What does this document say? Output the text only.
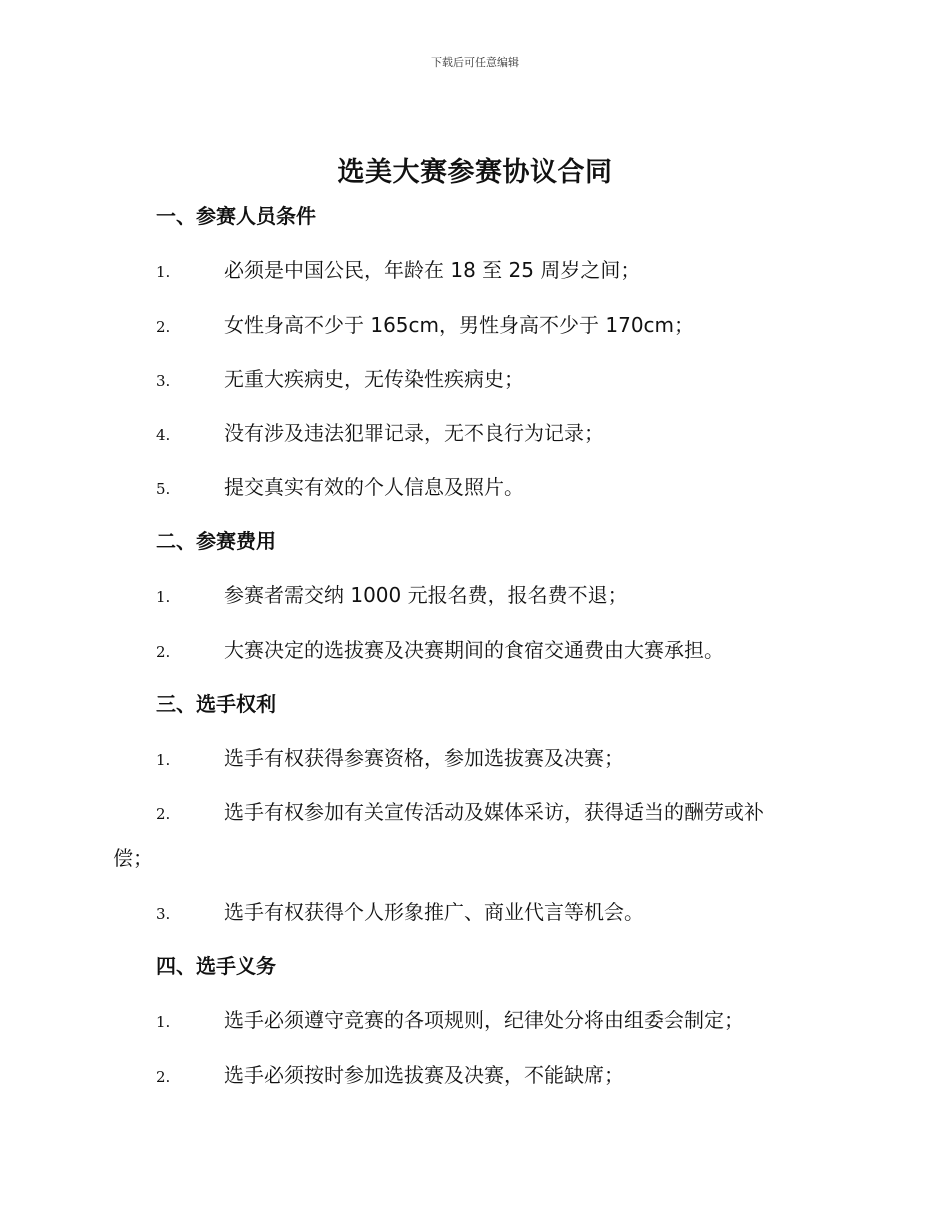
下载后可任意编辑
选美大赛参赛协议合同
一、参赛人员条件
1.	必须是中国公民，年龄在 18 至 25 周岁之间；
2.	女性身高不少于 165cm，男性身高不少于 170cm；
3.	无重大疾病史，无传染性疾病史；
4.	没有涉及违法犯罪记录，无不良行为记录；
5.	提交真实有效的个人信息及照片。
二、参赛费用
1.	参赛者需交纳 1000 元报名费，报名费不退；
2.	大赛决定的选拔赛及决赛期间的食宿交通费由大赛承担。
三、选手权利
1.	选手有权获得参赛资格，参加选拔赛及决赛；
2.	选手有权参加有关宣传活动及媒体采访，获得适当的酬劳或补
偿；
3.	选手有权获得个人形象推广、商业代言等机会。
四、选手义务
1.	选手必须遵守竞赛的各项规则，纪律处分将由组委会制定；
2.	选手必须按时参加选拔赛及决赛，不能缺席；
